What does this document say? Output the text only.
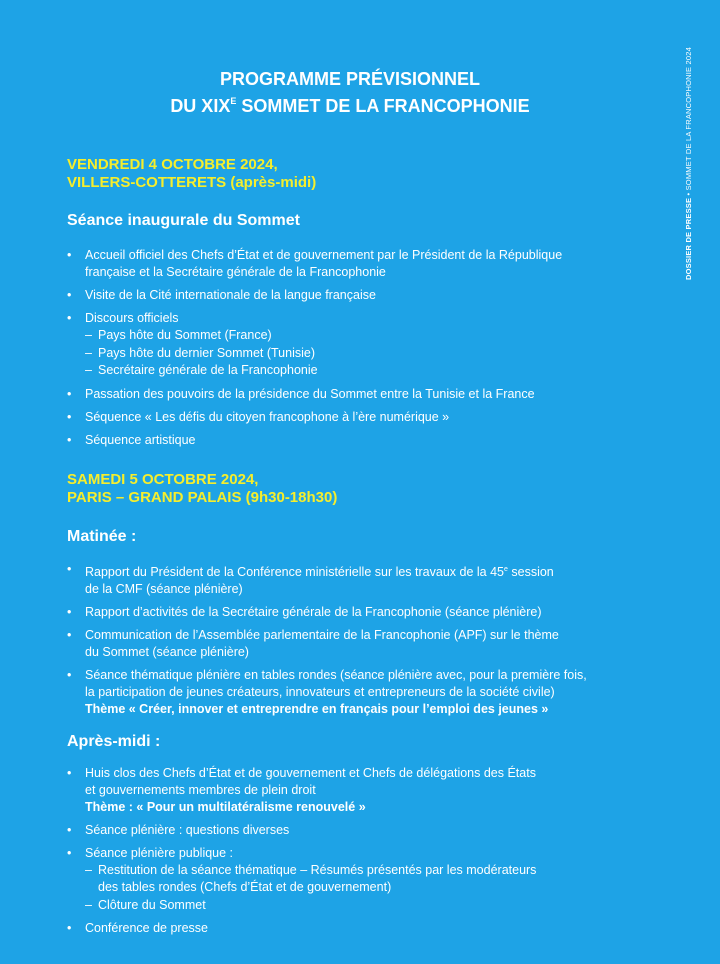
DOSSIER DE PRESSE • SOMMET DE LA FRANCOPHONIE 2024
PROGRAMME PRÉVISIONNEL
DU $XIX^E$ SOMMET DE LA FRANCOPHONIE
VENDREDI 4 OCTOBRE 2024,
VILLERS-COTTERETS (après-midi)
Séance inaugurale du Sommet
• Accueil officiel des Chefs d’État et de gouvernement par le Président de la République
française et la Secrétaire générale de la Francophonie
• Visite de la Cité internationale de la langue française
• Discours officiels
– Pays hôte du Sommet (France)
– Pays hôte du dernier Sommet (Tunisie)
– Secrétaire générale de la Francophonie
• Passation des pouvoirs de la présidence du Sommet entre la Tunisie et la France
• Séquence « Les défis du citoyen francophone à l’ère numérique »
• Séquence artistique
SAMEDI 5 OCTOBRE 2024,
PARIS – GRAND PALAIS (9h30-18h30)
Matinée :
• Rapport du Président de la Conférence ministérielle sur les travaux de la 45e session
de la CMF (séance plénière)
• Rapport d’activités de la Secrétaire générale de la Francophonie (séance plénière)
• Communication de l’Assemblée parlementaire de la Francophonie (APF) sur le thème
du Sommet (séance plénière)
• Séance thématique plénière en tables rondes (séance plénière avec, pour la première fois,
la participation de jeunes créateurs, innovateurs et entrepreneurs de la société civile)
Thème « Créer, innover et entreprendre en français pour l’emploi des jeunes »
Après-midi :
• Huis clos des Chefs d’État et de gouvernement et Chefs de délégations des États
et gouvernements membres de plein droit
Thème : « Pour un multilatéralisme renouvelé »
• Séance plénière : questions diverses
• Séance plénière publique :
– Restitution de la séance thématique – Résumés présentés par les modérateurs
des tables rondes (Chefs d’État et de gouvernement)
– Clôture du Sommet
• Conférence de presse
